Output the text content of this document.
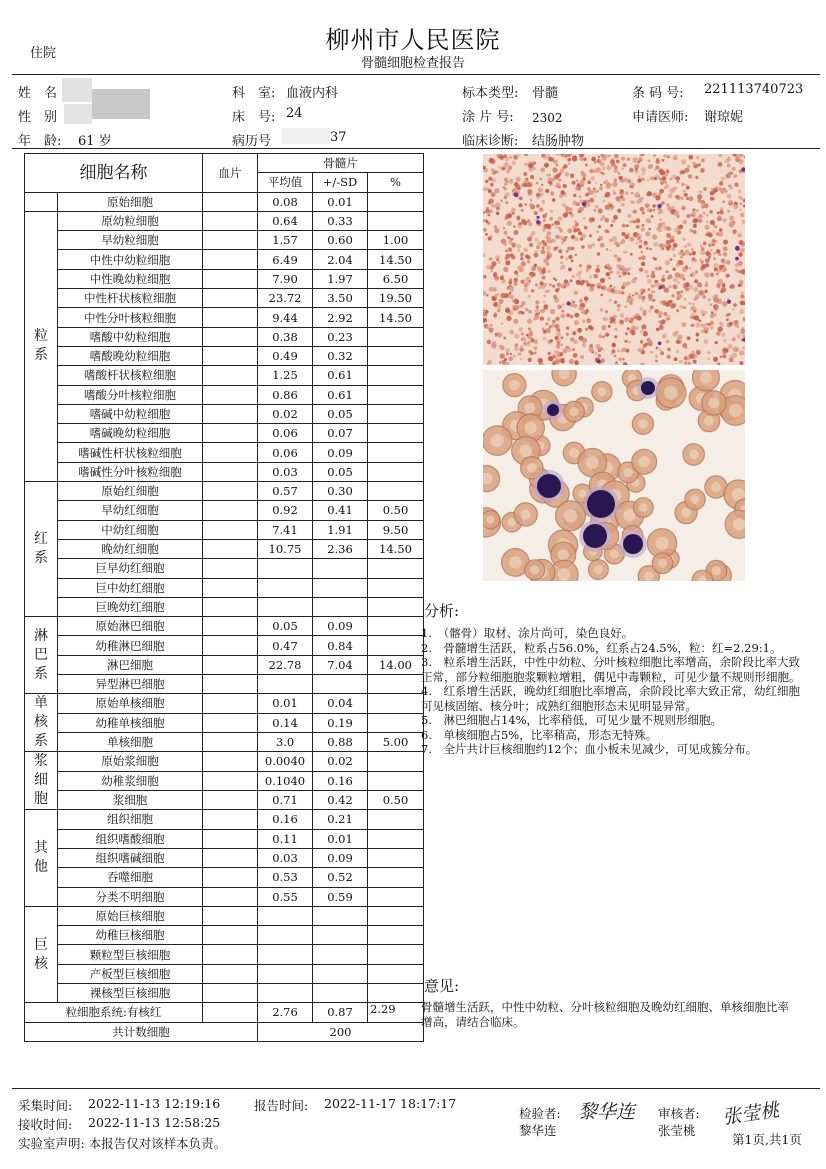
柳州市人民医院
骨髓细胞检查报告
住院
姓　名
性　别
年　龄: 61 岁
科　室: 血液内科
床　号: 24
病历号	37
标本类型: 骨髓
涂 片 号: 2302
临床诊断: 结肠肿物
条 码 号: 221113740723
申请医师: 谢琼妮
细胞名称		血片	骨髓片		
			平均值	+/-SD	%
	原始细胞		0.08	0.01	
粒系	原幼粒细胞		0.64	0.33	
	早幼粒细胞		1.57	0.60	1.00
	中性中幼粒细胞		6.49	2.04	14.50
	中性晚幼粒细胞		7.90	1.97	6.50
	中性杆状核粒细胞		23.72	3.50	19.50
	中性分叶核粒细胞		9.44	2.92	14.50
	嗜酸中幼粒细胞		0.38	0.23	
	嗜酸晚幼粒细胞		0.49	0.32	
	嗜酸杆状核粒细胞		1.25	0.61	
	嗜酸分叶核粒细胞		0.86	0.61	
	嗜碱中幼粒细胞		0.02	0.05	
	嗜碱晚幼粒细胞		0.06	0.07	
	嗜碱性杆状核粒细胞		0.06	0.09	
	嗜碱性分叶核粒细胞		0.03	0.05	
红系	原始红细胞		0.57	0.30	
	早幼红细胞		0.92	0.41	0.50
	中幼红细胞		7.41	1.91	9.50
	晚幼红细胞		10.75	2.36	14.50
	巨早幼红细胞				
	巨中幼红细胞				
	巨晚幼红细胞				
淋巴系	原始淋巴细胞		0.05	0.09	
	幼稚淋巴细胞		0.47	0.84	
	淋巴细胞		22.78	7.04	14.00
	异型淋巴细胞				
单核系	原始单核细胞		0.01	0.04	
	幼稚单核细胞		0.14	0.19	
	单核细胞		3.0	0.88	5.00
浆细胞	原始浆细胞		0.0040	0.02	
	幼稚浆细胞		0.1040	0.16	
	浆细胞		0.71	0.42	0.50
其他	组织细胞		0.16	0.21	
	组织嗜酸细胞		0.11	0.01	
	组织嗜碱细胞		0.03	0.09	
	吞噬细胞		0.53	0.52	
	分类不明细胞		0.55	0.59	
巨核	原始巨核细胞				
	幼稚巨核细胞				
	颗粒型巨核细胞				
	产板型巨核细胞				
	裸核型巨核细胞				
粒细胞系统:有核红			2.76	0.87	2.29
共计数细胞			200		
分析:
1.　（髂骨）取材、涂片尚可，染色良好。
2.　骨髓增生活跃，粒系占56.0%，红系占24.5%，粒：红=2.29:1。
3.　粒系增生活跃，中性中幼粒、分叶核粒细胞比率增高，余阶段比率大致正常，部分粒细胞胞浆颗粒增粗，偶见中毒颗粒，可见少量不规则形细胞。
4.　红系增生活跃，晚幼红细胞比率增高，余阶段比率大致正常，幼红细胞可见核固缩、核分叶；成熟红细胞形态未见明显异常。
5.　淋巴细胞占14%，比率稍低，可见少量不规则形细胞。
6.　单核细胞占5%，比率稍高，形态无特殊。
7.　全片共计巨核细胞约12个；血小板未见减少，可见成簇分布。
意见:
骨髓增生活跃，中性中幼粒、分叶核粒细胞及晚幼红细胞、单核细胞比率增高，请结合临床。
采集时间: 2022-11-13 12:19:16
接收时间: 2022-11-13 12:58:25
实验室声明: 本报告仅对该样本负责。
报告时间: 2022-11-17 18:17:17
检验者: 黎华连
黎华连
审核者: 张莹桃
张莹桃
第1页,共1页
